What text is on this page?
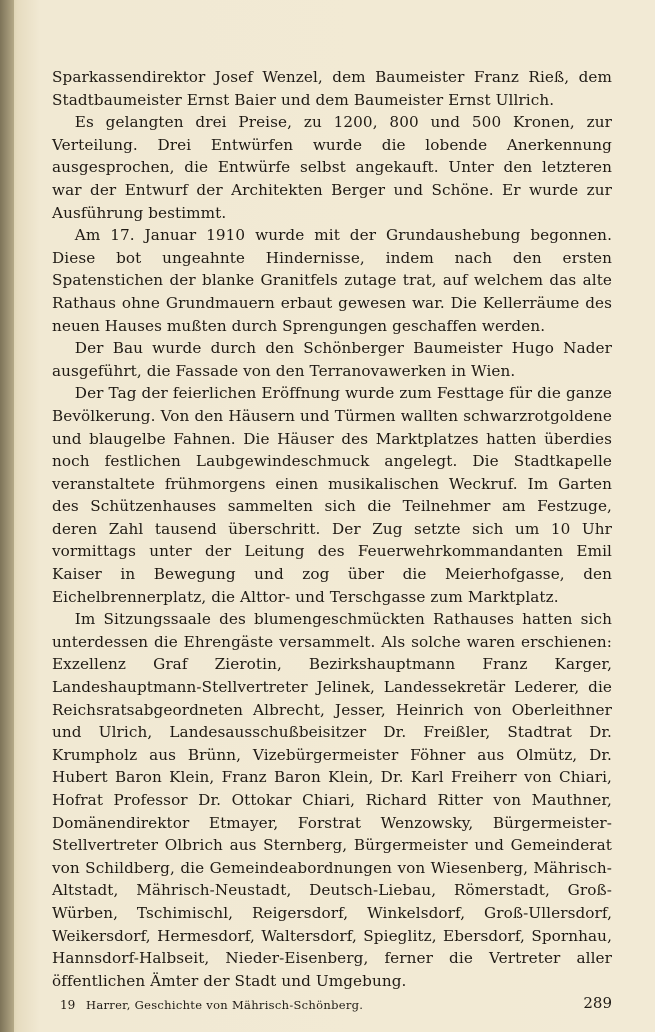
Sparkassendirektor Josef Wenzel, dem Baumeister Franz Rieß, dem Stadtbaumeister Ernst Baier und dem Baumeister Ernst Ullrich.

Es gelangten drei Preise, zu 1200, 800 und 500 Kronen, zur Verteilung. Drei Entwürfen wurde die lobende Anerkennung ausgesprochen, die Entwürfe selbst angekauft. Unter den letzteren war der Entwurf der Architekten Berger und Schöne. Er wurde zur Ausführung bestimmt.

Am 17. Januar 1910 wurde mit der Grundaushebung begonnen. Diese bot ungeahnte Hindernisse, indem nach den ersten Spatenstichen der blanke Granitfels zutage trat, auf welchem das alte Rathaus ohne Grundmauern erbaut gewesen war. Die Kellerräume des neuen Hauses mußten durch Sprengungen geschaffen werden.

Der Bau wurde durch den Schönberger Baumeister Hugo Nader ausgeführt, die Fassade von den Terranovawerken in Wien.

Der Tag der feierlichen Eröffnung wurde zum Festtage für die ganze Bevölkerung. Von den Häusern und Türmen wallten schwarzrotgoldene und blaugelbe Fahnen. Die Häuser des Marktplatzes hatten überdies noch festlichen Laubgewindeschmuck angelegt. Die Stadtkapelle veranstaltete frühmorgens einen musikalischen Weckruf. Im Garten des Schützenhauses sammelten sich die Teilnehmer am Festzuge, deren Zahl tausend überschritt. Der Zug setzte sich um 10 Uhr vormittags unter der Leitung des Feuerwehrkommandanten Emil Kaiser in Bewegung und zog über die Meierhofgasse, den Eichelbrennerplatz, die Alttor- und Terschgasse zum Marktplatz.

Im Sitzungssaale des blumengeschmückten Rathauses hatten sich unterdessen die Ehrengäste versammelt. Als solche waren erschienen: Exzellenz Graf Zierotin, Bezirkshauptmann Franz Karger, Landeshauptmann-Stellvertreter Jelinek, Landessekretär Lederer, die Reichsratsabgeordneten Albrecht, Jesser, Heinrich von Oberleithner und Ulrich, Landesausschußbeisitzer Dr. Freißler, Stadtrat Dr. Krumpholz aus Brünn, Vizebürgermeister Föhner aus Olmütz, Dr. Hubert Baron Klein, Franz Baron Klein, Dr. Karl Freiherr von Chiari, Hofrat Professor Dr. Ottokar Chiari, Richard Ritter von Mauthner, Domänendirektor Etmayer, Forstrat Wenzowsky, Bürgermeister-Stellvertreter Olbrich aus Sternberg, Bürgermeister und Gemeinderat von Schildberg, die Gemeindeabordnungen von Wiesenberg, Mährisch-Altstadt, Mährisch-Neustadt, Deutsch-Liebau, Römerstadt, Groß-Würben, Tschimischl, Reigersdorf, Winkelsdorf, Groß-Ullersdorf, Weikersdorf, Hermesdorf, Waltersdorf, Spieglitz, Ebersdorf, Spornhau, Hannsdorf-Halbseit, Nieder-Eisenberg, ferner die Vertreter aller öffentlichen Ämter der Stadt und Umgebung.

19 Harrer, Geschichte von Mährisch-Schönberg.	289
